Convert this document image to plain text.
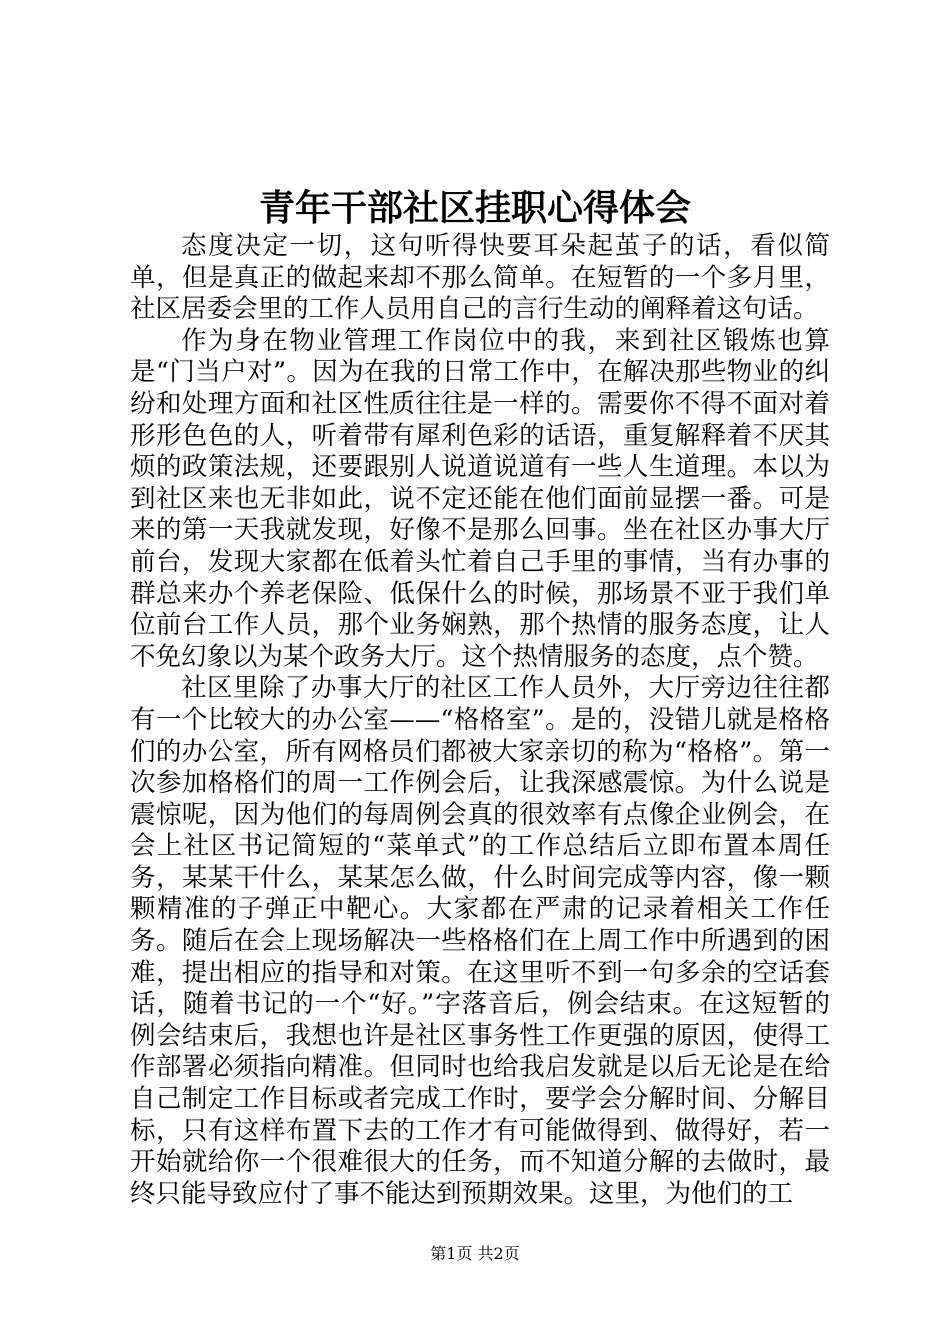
青年干部社区挂职心得体会

态度决定一切，这句听得快要耳朵起茧子的话，看似简单，但是真正的做起来却不那么简单。在短暂的一个多月里，社区居委会里的工作人员用自己的言行生动的阐释着这句话。

作为身在物业管理工作岗位中的我，来到社区锻炼也算是“门当户对”。因为在我的日常工作中，在解决那些物业的纠纷和处理方面和社区性质往往是一样的。需要你不得不面对着形形色色的人，听着带有犀利色彩的话语，重复解释着不厌其烦的政策法规，还要跟别人说道说道有一些人生道理。本以为到社区来也无非如此，说不定还能在他们面前显摆一番。可是来的第一天我就发现，好像不是那么回事。坐在社区办事大厅前台，发现大家都在低着头忙着自己手里的事情，当有办事的群总来办个养老保险、低保什么的时候，那场景不亚于我们单位前台工作人员，那个业务娴熟，那个热情的服务态度，让人不免幻象以为某个政务大厅。这个热情服务的态度，点个赞。

社区里除了办事大厅的社区工作人员外，大厅旁边往往都有一个比较大的办公室——“格格室”。是的，没错儿就是格格们的办公室，所有网格员们都被大家亲切的称为“格格”。第一次参加格格们的周一工作例会后，让我深感震惊。为什么说是震惊呢，因为他们的每周例会真的很效率有点像企业例会，在会上社区书记简短的“菜单式”的工作总结后立即布置本周任务，某某干什么，某某怎么做，什么时间完成等内容，像一颗颗精准的子弹正中靶心。大家都在严肃的记录着相关工作任务。随后在会上现场解决一些格格们在上周工作中所遇到的困难，提出相应的指导和对策。在这里听不到一句多余的空话套话，随着书记的一个“好。”字落音后，例会结束。在这短暂的例会结束后，我想也许是社区事务性工作更强的原因，使得工作部署必须指向精准。但同时也给我启发就是以后无论是在给自己制定工作目标或者完成工作时，要学会分解时间、分解目标，只有这样布置下去的工作才有可能做得到、做得好，若一开始就给你一个很难很大的任务，而不知道分解的去做时，最终只能导致应付了事不能达到预期效果。这里，为他们的工

第1页 共2页
